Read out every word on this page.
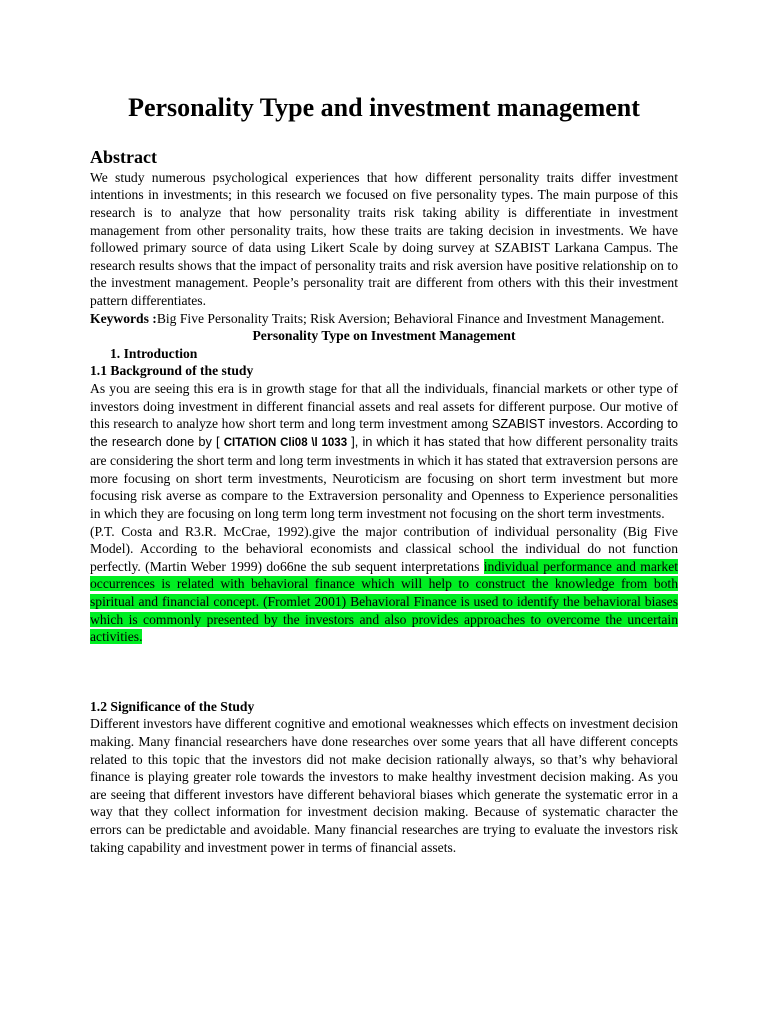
Personality Type and investment management
Abstract

We study numerous psychological experiences that how different personality traits differ investment intentions in investments; in this research we focused on five personality types. The main purpose of this research is to analyze that how personality traits risk taking ability is differentiate in investment management from other personality traits, how these traits are taking decision in investments. We have followed primary source of data using Likert Scale by doing survey at SZABIST Larkana Campus. The research results shows that the impact of personality traits and risk aversion have positive relationship on to the investment management. People’s personality trait are different from others with this their investment pattern differentiates.

Keywords :Big Five Personality Traits; Risk Aversion; Behavioral Finance and Investment Management.

Personality Type on Investment Management
1. Introduction
1.1 Background of the study

As you are seeing this era is in growth stage for that all the individuals, financial markets or other type of investors doing investment in different financial assets and real assets for different purpose. Our motive of this research to analyze how short term and long term investment among SZABIST investors. According to the research done by [ CITATION Cli08 \l 1033 ], in which it has stated that how different personality traits are considering the short term and long term investments in which it has stated that extraversion persons are more focusing on short term investments, Neuroticism are focusing on short term investment but more focusing risk averse as compare to the Extraversion personality and Openness to Experience personalities in which they are focusing on long term long term investment not focusing on the short term investments.

(P.T. Costa and R3.R. McCrae, 1992).give the major contribution of individual personality (Big Five Model). According to the behavioral economists and classical school the individual do not function perfectly. (Martin Weber 1999) do66ne the sub sequent interpretations individual performance and market occurrences is related with behavioral finance which will help to construct the knowledge from both spiritual and financial concept. (Fromlet 2001) Behavioral Finance is used to identify the behavioral biases which is commonly presented by the investors and also provides approaches to overcome the uncertain activities.

1.2 Significance of the Study

Different investors have different cognitive and emotional weaknesses which effects on investment decision making. Many financial researchers have done researches over some years that all have different concepts related to this topic that the investors did not make decision rationally always, so that’s why behavioral finance is playing greater role towards the investors to make healthy investment decision making. As you are seeing that different investors have different behavioral biases which generate the systematic error in a way that they collect information for investment decision making. Because of systematic character the errors can be predictable and avoidable. Many financial researches are trying to evaluate the investors risk taking capability and investment power in terms of financial assets.
